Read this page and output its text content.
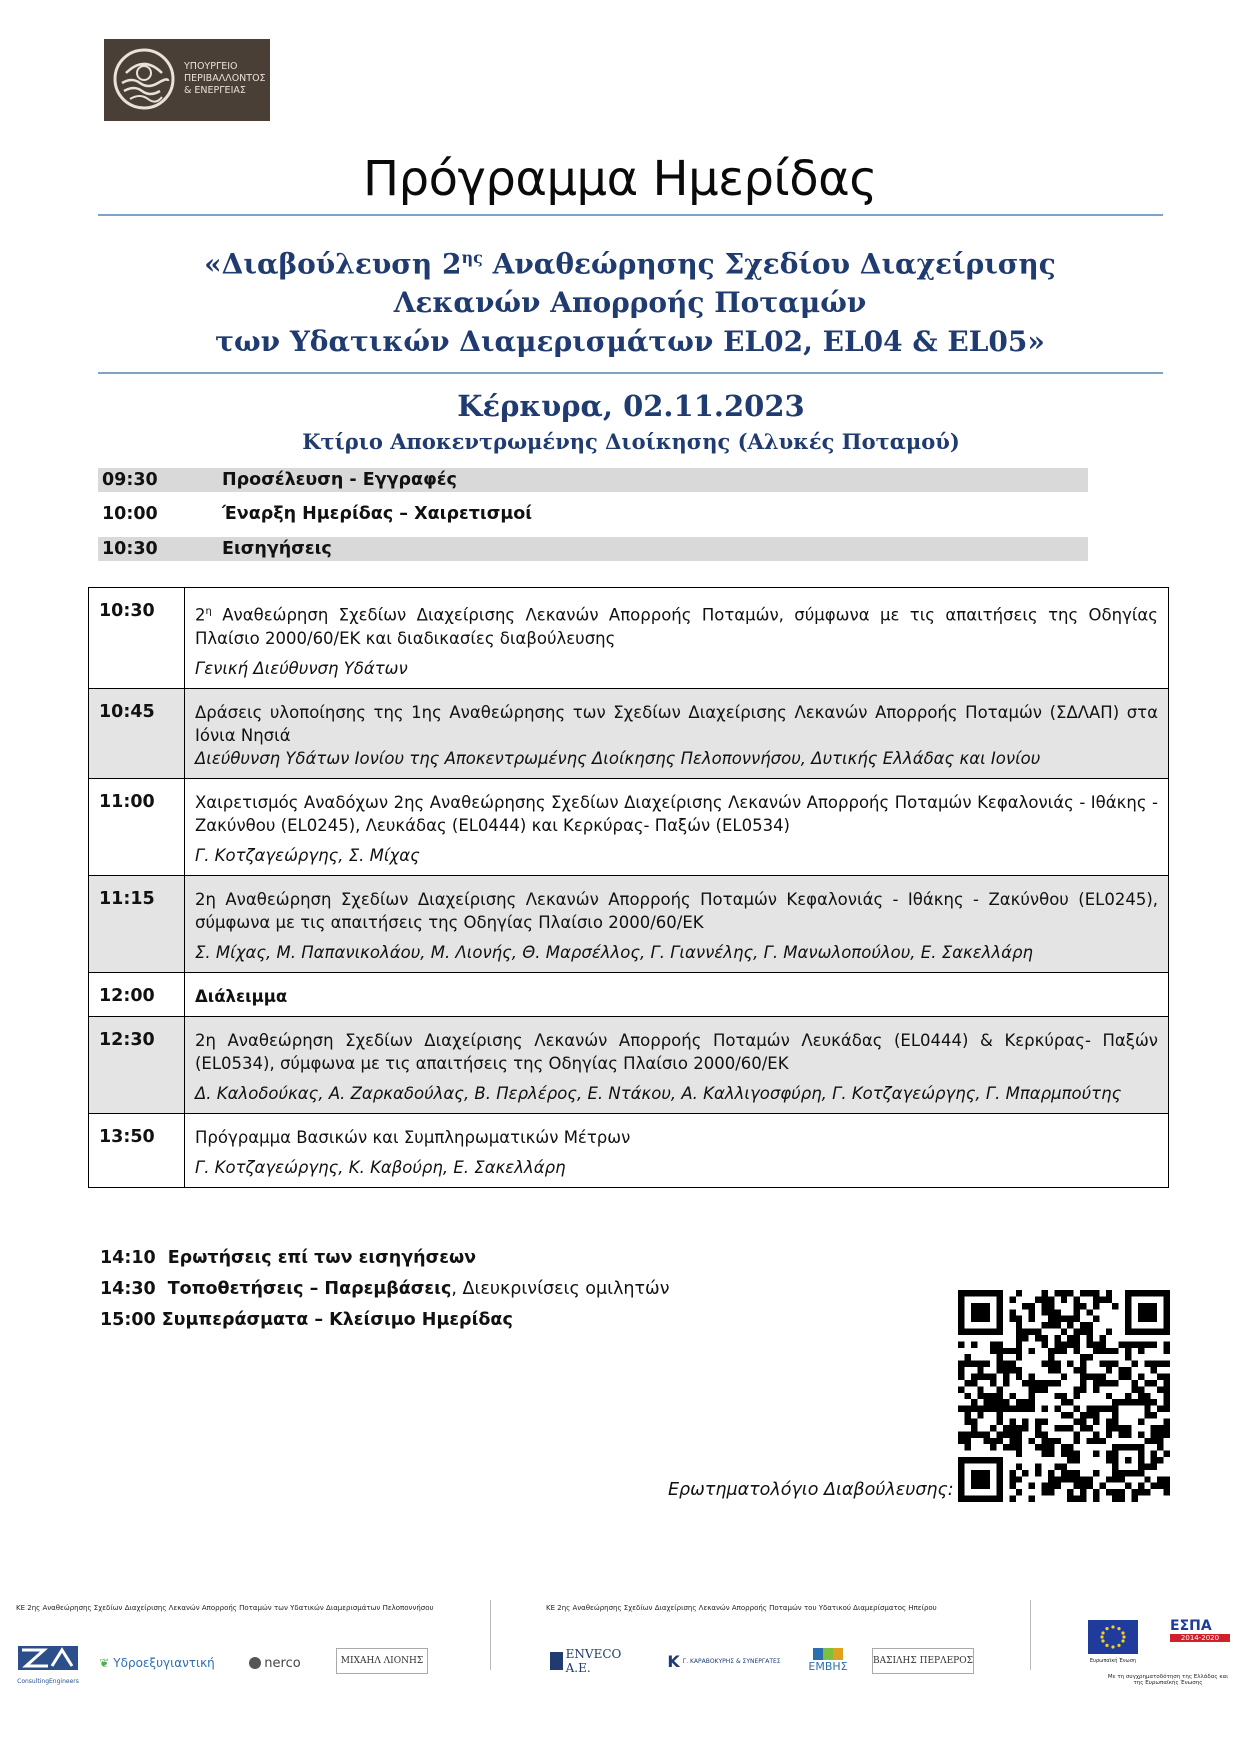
ΥΠΟΥΡΓΕΙΟ
ΠΕΡΙΒΑΛΛΟΝΤΟΣ
& ΕΝΕΡΓΕΙΑΣ
Πρόγραμμα Ημερίδας
«Διαβούλευση $2^{\eta\varsigma}$ Αναθεώρησης Σχεδίου Διαχείρισης
Λεκανών Απορροής Ποταμών
των Υδατικών Διαμερισμάτων EL02, EL04 & EL05»
Κέρκυρα, 02.11.2023
Κτίριο Αποκεντρωμένης Διοίκησης (Αλυκές Ποταμού)
09:30	Προσέλευση - Εγγραφές
10:00	Έναρξη Ημερίδας – Χαιρετισμοί
10:30	Εισηγήσεις
10:30	$2^\eta$ Αναθεώρηση Σχεδίων Διαχείρισης Λεκανών Απορροής Ποταμών, σύμφωνα με τις απαιτήσεις της Οδηγίας Πλαίσιο 2000/60/ΕΚ και διαδικασίες διαβούλευσης
Γενική Διεύθυνση Υδάτων

10:45	Δράσεις υλοποίησης της 1ης Αναθεώρησης των Σχεδίων Διαχείρισης Λεκανών Απορροής Ποταμών (ΣΔΛΑΠ) στα Ιόνια Νησιά
Διεύθυνση Υδάτων Ιονίου της Αποκεντρωμένης Διοίκησης Πελοποννήσου, Δυτικής Ελλάδας και Ιονίου

11:00	Χαιρετισμός Αναδόχων 2ης Αναθεώρησης Σχεδίων Διαχείρισης Λεκανών Απορροής Ποταμών Κεφαλονιάς - Ιθάκης - Ζακύνθου (EL0245), Λευκάδας (EL0444) και Κερκύρας- Παξών (EL0534)
Γ. Κοτζαγεώργης, Σ. Μίχας

11:15	2η Αναθεώρηση Σχεδίων Διαχείρισης Λεκανών Απορροής Ποταμών Κεφαλονιάς - Ιθάκης - Ζακύνθου (EL0245), σύμφωνα με τις απαιτήσεις της Οδηγίας Πλαίσιο 2000/60/ΕΚ
Σ. Μίχας, Μ. Παπανικολάου, Μ. Λιονής, Θ. Μαρσέλλος, Γ. Γιαννέλης, Γ. Μανωλοπούλου, Ε. Σακελλάρη

12:00	Διάλειμμα

12:30	2η Αναθεώρηση Σχεδίων Διαχείρισης Λεκανών Απορροής Ποταμών Λευκάδας (EL0444) & Κερκύρας- Παξών (EL0534), σύμφωνα με τις απαιτήσεις της Οδηγίας Πλαίσιο 2000/60/ΕΚ
Δ. Καλοδούκας, Α. Ζαρκαδούλας, Β. Περλέρος, Ε. Ντάκου, Α. Καλλιγοσφύρη, Γ. Κοτζαγεώργης, Γ. Μπαρμπούτης

13:50	Πρόγραμμα Βασικών και Συμπληρωματικών Μέτρων
Γ. Κοτζαγεώργης, Κ. Καβούρη, Ε. Σακελλάρη
14:10 Ερωτήσεις επί των εισηγήσεων
14:30 Τοποθετήσεις – Παρεμβάσεις, Διευκρινίσεις ομιλητών
15:00 Συμπεράσματα – Κλείσιμο Ημερίδας
Ερωτηματολόγιο Διαβούλευσης:
ΚΕ 2ης Αναθεώρησης Σχεδίων Διαχείρισης Λεκανών Απορροής Ποταμών των Υδατικών Διαμερισμάτων Πελοποννήσου	ΚΕ 2ης Αναθεώρησης Σχεδίων Διαχείρισης Λεκανών Απορροής Ποταμών του Υδατικού Διαμερίσματος Ηπείρου
ConsultingEngineers
❦ Υδροεξυγιαντική	nerco	ΜΙΧΑΗΛ ΛΙΟΝΗΣ	ENVECO A.E.	K Γ. ΚΑΡΑΒΟΚΥΡΗΣ & ΣΥΝΕΡΓΑΤΕΣ	ΕΜΒΗΣ	ΒΑΣΙΛΗΣ ΠΕΡΛΕΡΟΣ	Ευρωπαϊκή Ένωση
ΕΣΠΑ
2014-2020
Με τη συγχρηματοδότηση της Ελλάδας και της Ευρωπαϊκής Ένωσης
